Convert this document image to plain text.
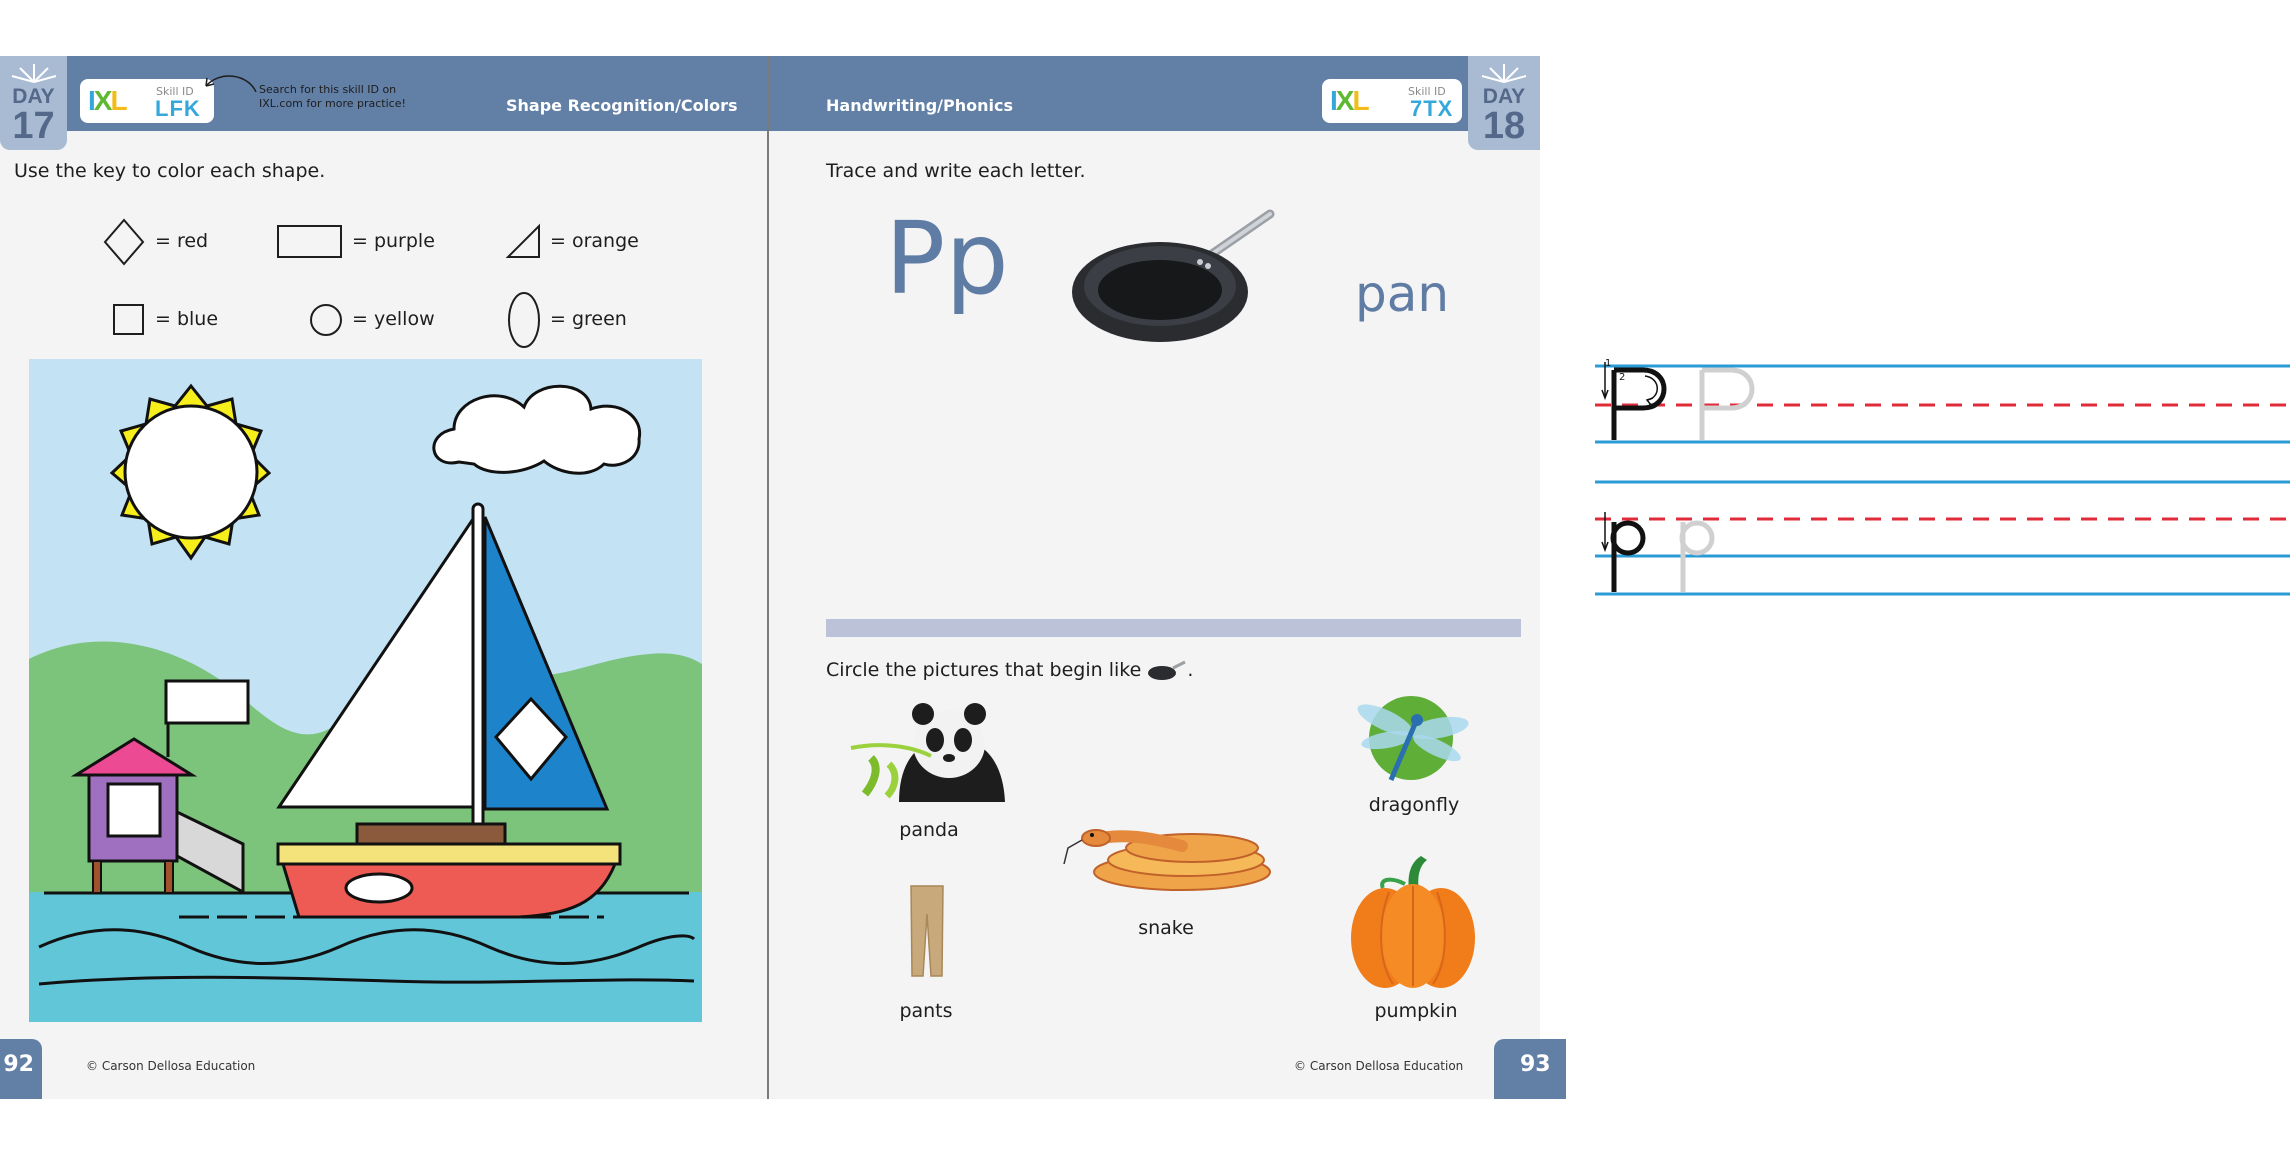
IXL	Skill ID
LFK
Search for this skill ID on
IXL.com for more practice!	Shape Recognition/Colors
DAY
17
Use the key to color each shape.
= red	= purple	= orange
= blue	= yellow	= green
92	© Carson Dellosa Education
Handwriting/Phonics	IXL	Skill ID
7TX	DAY
18
Trace and write each letter.
Pp	pan
1
2
Circle the pictures that begin like .
panda
dragonfly
snake
pants	pumpkin
© Carson Dellosa Education	93
